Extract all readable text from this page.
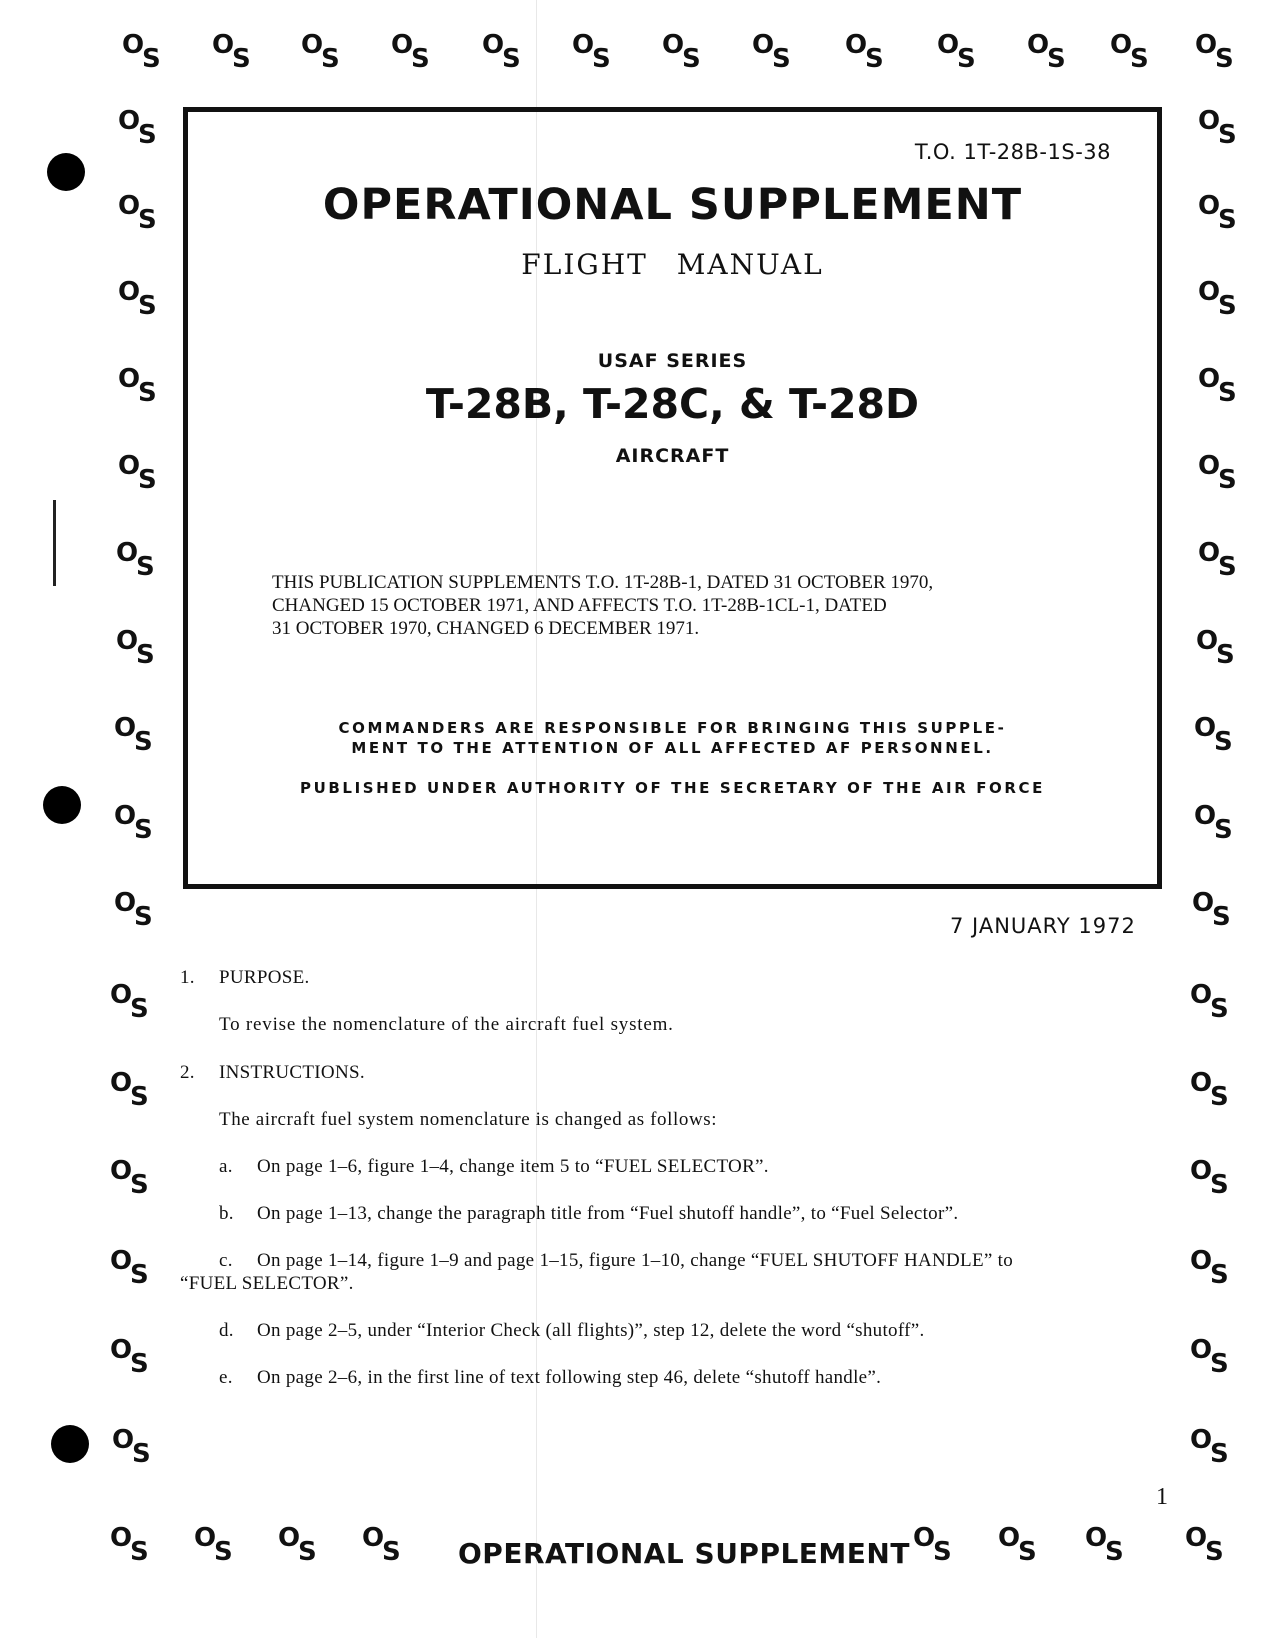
O
S O
S O
S O
S O
S O
S O
S O
S O
S O
S O
S O
S O
S
O
S
O
S
O
S
O
S
O
S
O
S
O
S
O
S
O
S
O
S
O
S
O
S
O
S
O
S
O
S
O
S
O
S
O
S
O
S
O
S
O
S
O
S
O
S
O
S
O
S
O
S
O
S
O
S
O
S
O
S
O
S
O
S
O
S O
S O
S O
S	O
S O
S O
S O
S
T.O. 1T-28B-1S-38
OPERATIONAL SUPPLEMENT
FLIGHT MANUAL
USAF SERIES
T-28B, T-28C, & T-28D
AIRCRAFT
THIS PUBLICATION SUPPLEMENTS T.O. 1T-28B-1, DATED 31 OCTOBER 1970,
CHANGED 15 OCTOBER 1971, AND AFFECTS T.O. 1T-28B-1CL-1, DATED
31 OCTOBER 1970, CHANGED 6 DECEMBER 1971.
COMMANDERS ARE RESPONSIBLE FOR BRINGING THIS SUPPLE-
MENT TO THE ATTENTION OF ALL AFFECTED AF PERSONNEL.
PUBLISHED UNDER AUTHORITY OF THE SECRETARY OF THE AIR FORCE
7 JANUARY 1972
1. PURPOSE.
To revise the nomenclature of the aircraft fuel system.
2. INSTRUCTIONS.
The aircraft fuel system nomenclature is changed as follows:
a. On page 1–6, figure 1–4, change item 5 to “FUEL SELECTOR”.
b. On page 1–13, change the paragraph title from “Fuel shutoff handle”, to “Fuel Selector”.
c. On page 1–14, figure 1–9 and page 1–15, figure 1–10, change “FUEL SHUTOFF HANDLE” to
“FUEL SELECTOR”.
d. On page 2–5, under “Interior Check (all flights)”, step 12, delete the word “shutoff”.
e. On page 2–6, in the first line of text following step 46, delete “shutoff handle”.
1
OPERATIONAL SUPPLEMENT
